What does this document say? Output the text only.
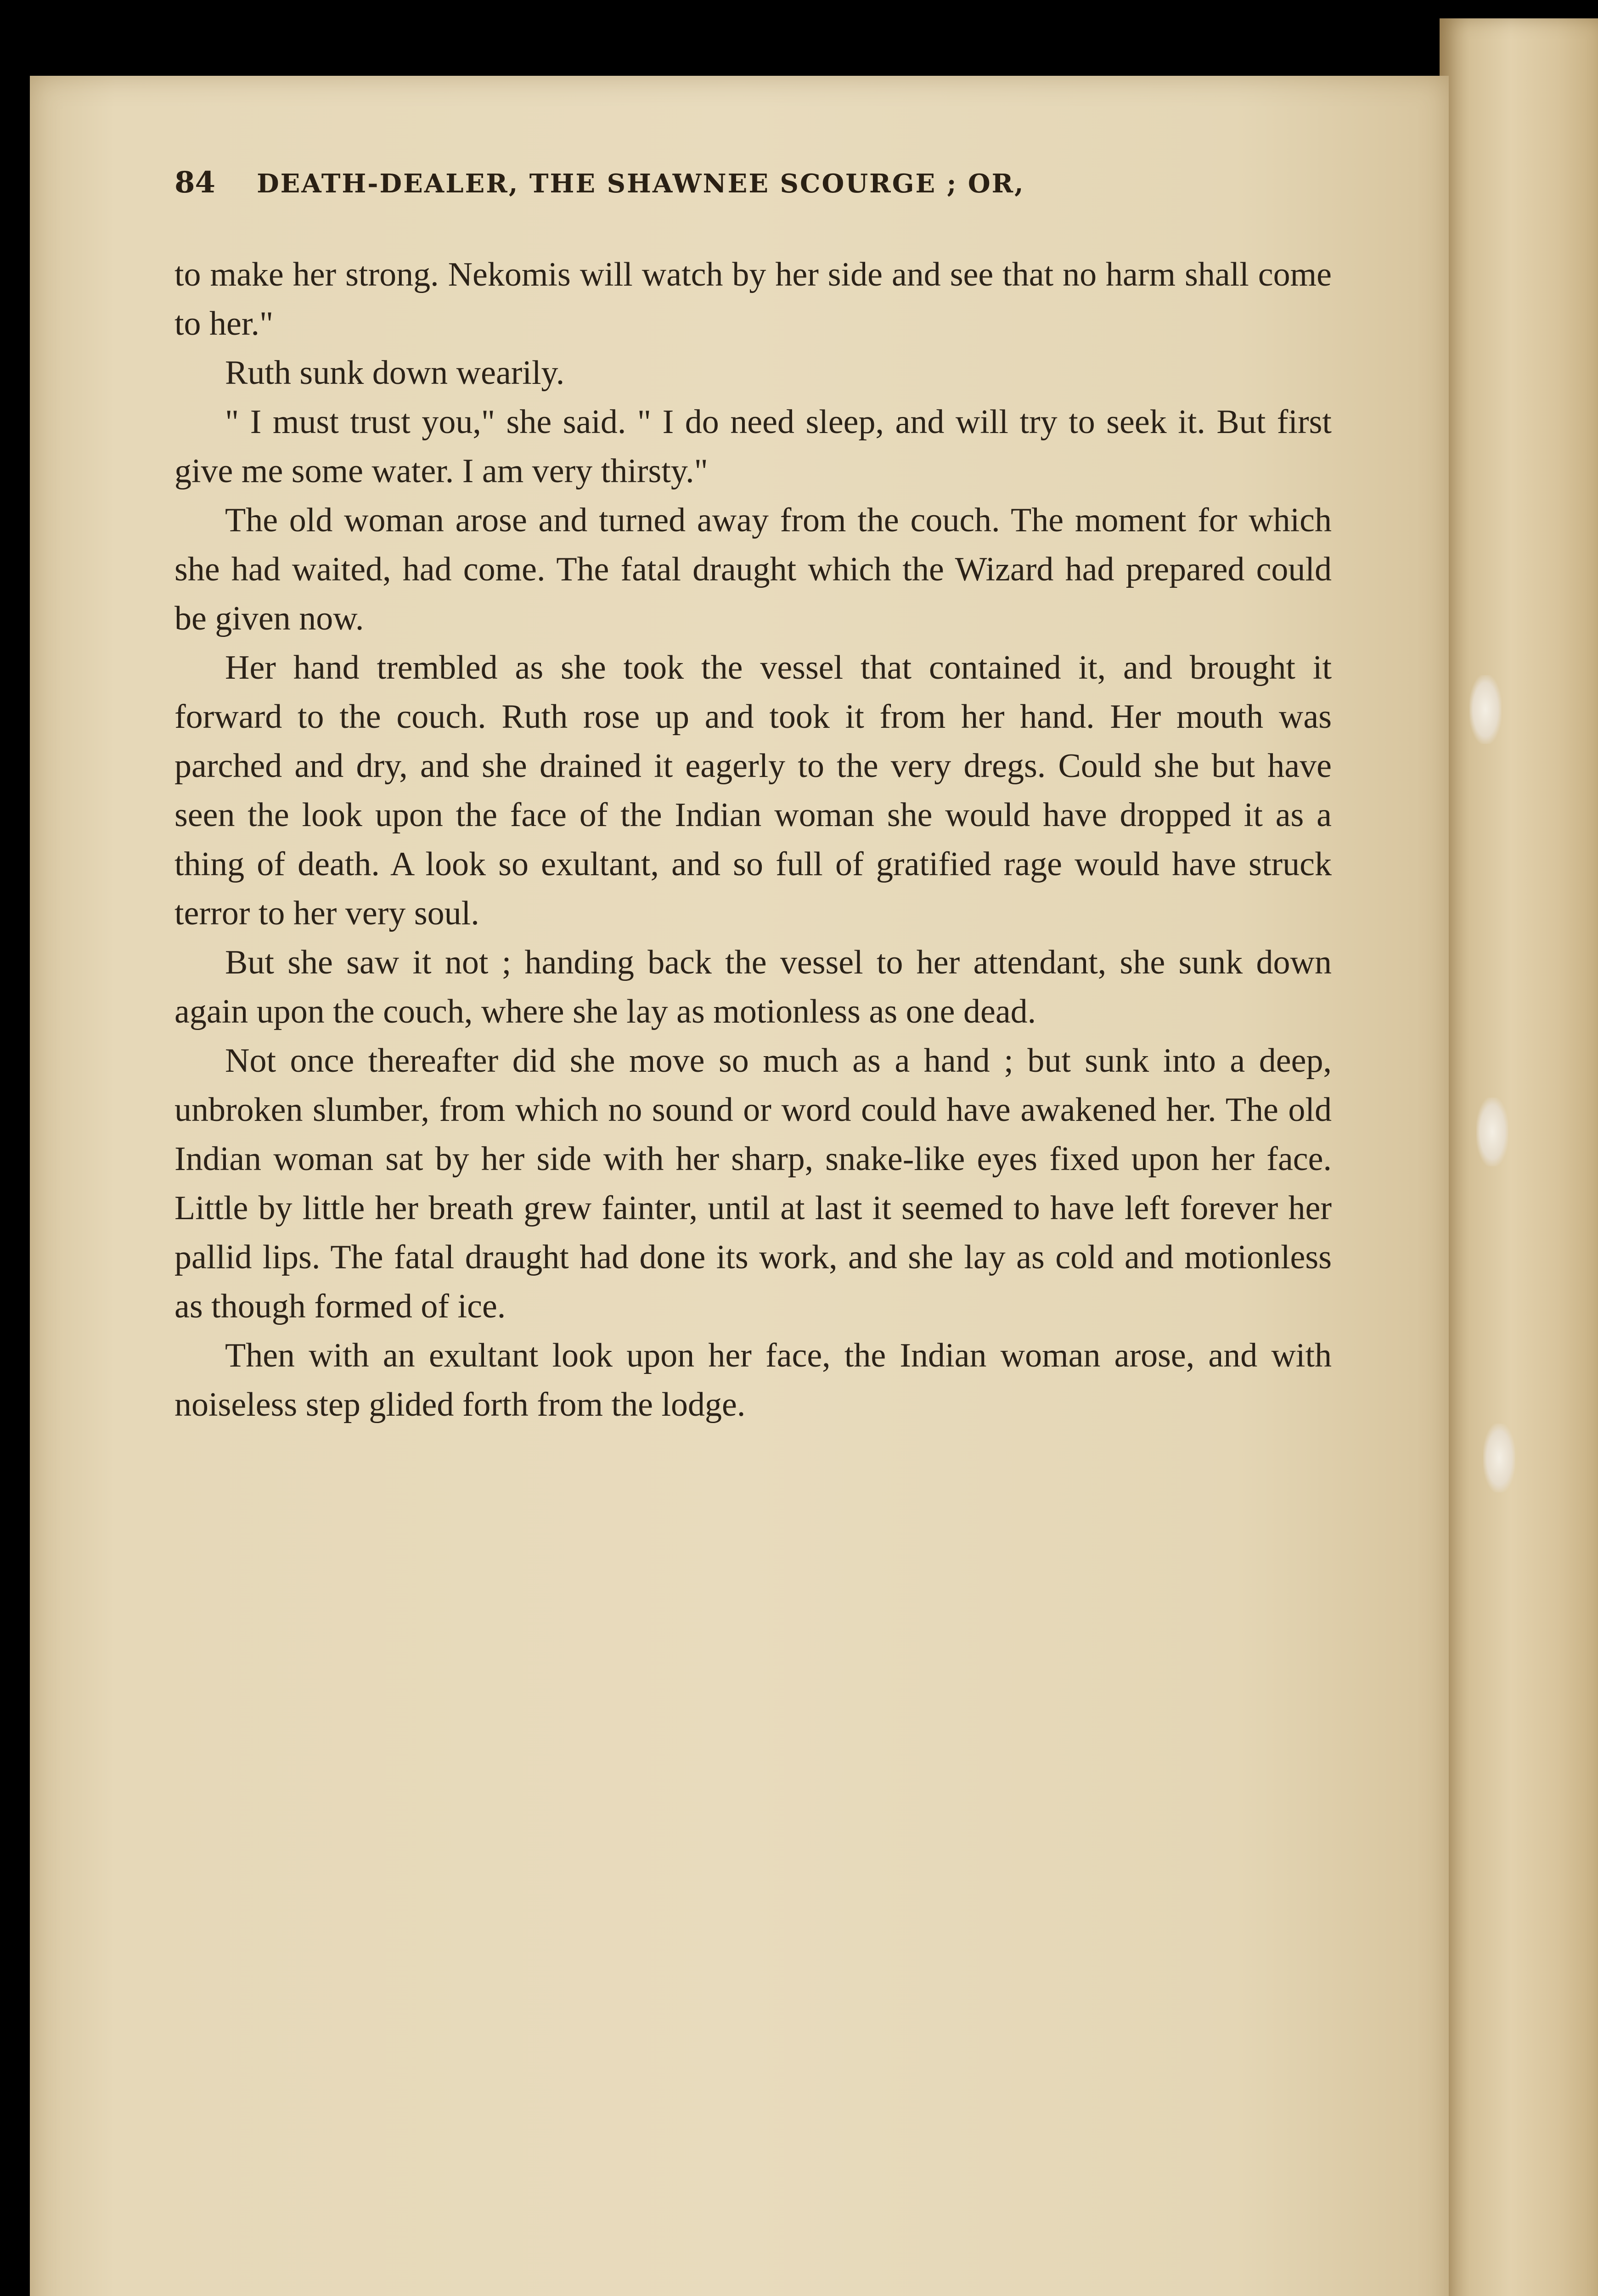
84 DEATH-DEALER, THE SHAWNEE SCOURGE ; OR,

to make her strong. Nekomis will watch by her side and see that no harm shall come to her."

Ruth sunk down wearily.

" I must trust you," she said. " I do need sleep, and will try to seek it. But first give me some water. I am very thirsty."

The old woman arose and turned away from the couch. The moment for which she had waited, had come. The fatal draught which the Wizard had prepared could be given now.

Her hand trembled as she took the vessel that contained it, and brought it forward to the couch. Ruth rose up and took it from her hand. Her mouth was parched and dry, and she drained it eagerly to the very dregs. Could she but have seen the look upon the face of the Indian woman she would have dropped it as a thing of death. A look so exultant, and so full of gratified rage would have struck terror to her very soul.

But she saw it not ; handing back the vessel to her attendant, she sunk down again upon the couch, where she lay as motionless as one dead.

Not once thereafter did she move so much as a hand ; but sunk into a deep, unbroken slumber, from which no sound or word could have awakened her. The old Indian woman sat by her side with her sharp, snake-like eyes fixed upon her face. Little by little her breath grew fainter, until at last it seemed to have left forever her pallid lips. The fatal draught had done its work, and she lay as cold and motionless as though formed of ice.

Then with an exultant look upon her face, the Indian woman arose, and with noiseless step glided forth from the lodge.
